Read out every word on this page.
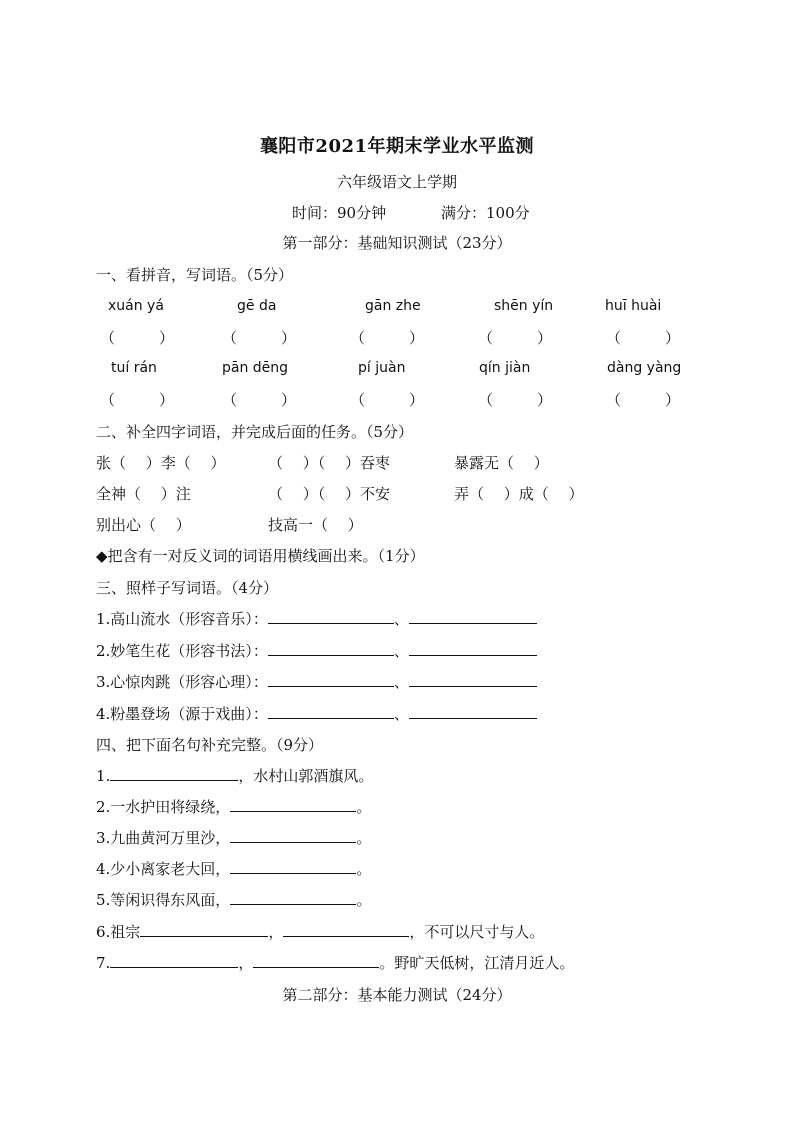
襄阳市2021年期末学业水平监测
六年级语文上学期
时间：90分钟	满分：100分
第一部分：基础知识测试（23分）
一、看拼音，写词语。（5分）
xuán yá	gē da	gān zhe	shēn yín	huī huài
（	）	（	）	（	）	（	）	（	）
tuí rán	pān dēng	pí juàn	qín jiàn	dàng yàng
（	）	（	）	（	）	（	）	（	）
二、补全四字词语，并完成后面的任务。（5分）
张（　 ）李（　 ）	（　 ）（　 ）吞枣	暴露无（　 ）
全神（　 ）注	（　 ）（　 ）不安	弄（　 ）成（　 ）
别出心（　 ）	技高一（　 ）
◆把含有一对反义词的词语用横线画出来。（1分）
三、照样子写词语。（4分）
1.高山流水（形容音乐）：	、
2.妙笔生花（形容书法）：	、
3.心惊肉跳（形容心理）：	、
4.粉墨登场（源于戏曲）：	、
四、把下面名句补充完整。（9分）
1.	，水村山郭酒旗风。
2.一水护田将绿绕，	。
3.九曲黄河万里沙，	。
4.少小离家老大回，	。
5.等闲识得东风面，	。
6.祖宗	，	，不可以尺寸与人。
7.	，	。野旷天低树，江清月近人。
第二部分：基本能力测试（24分）
